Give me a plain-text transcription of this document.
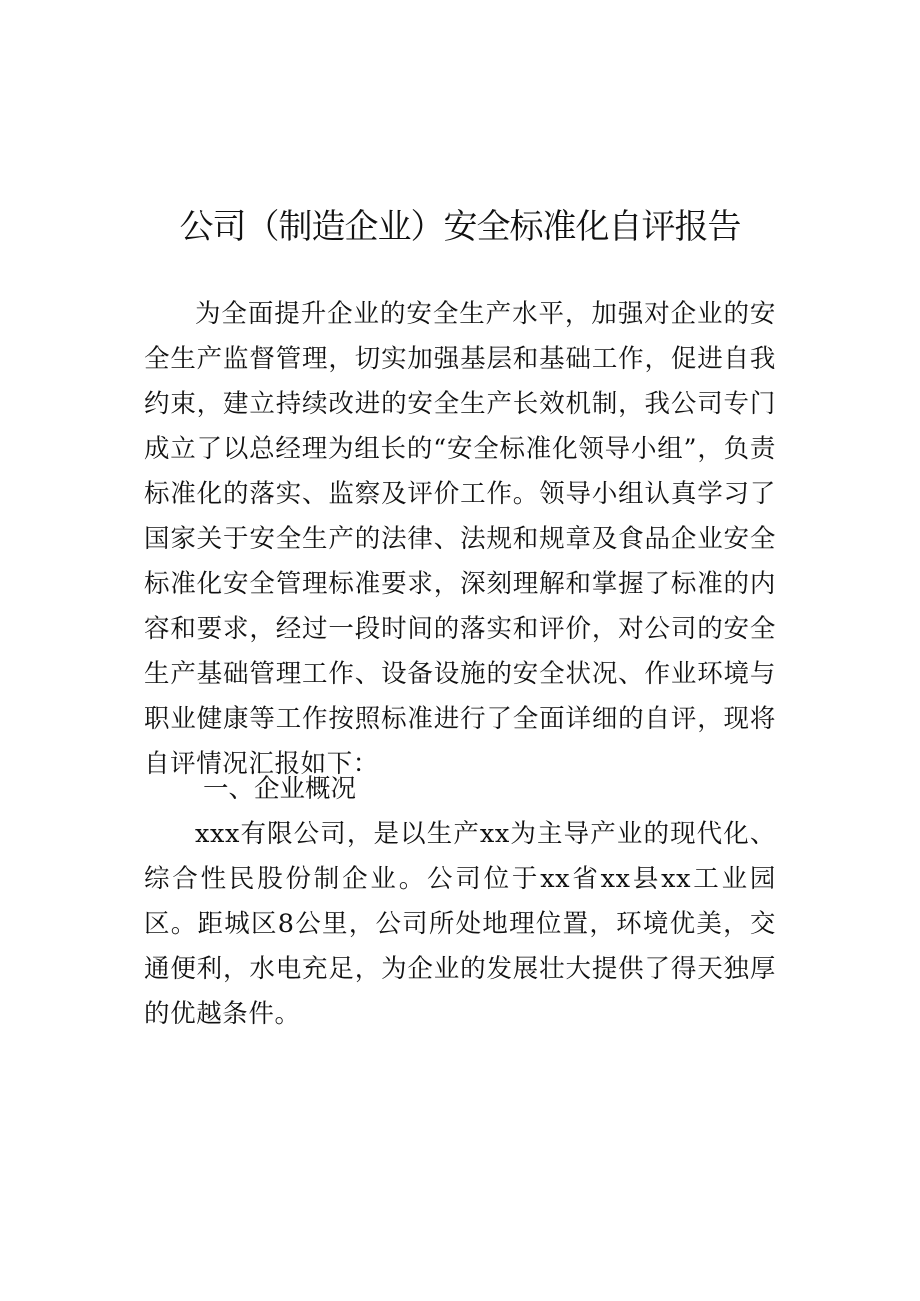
公司（制造企业）安全标准化自评报告

为全面提升企业的安全生产水平，加强对企业的安全生产监督管理，切实加强基层和基础工作，促进自我约束，建立持续改进的安全生产长效机制，我公司专门成立了以总经理为组长的“安全标准化领导小组”，负责标准化的落实、监察及评价工作。领导小组认真学习了国家关于安全生产的法律、法规和规章及食品企业安全标准化安全管理标准要求，深刻理解和掌握了标准的内容和要求，经过一段时间的落实和评价，对公司的安全生产基础管理工作、设备设施的安全状况、作业环境与职业健康等工作按照标准进行了全面详细的自评，现将自评情况汇报如下：

一、企业概况

xxx有限公司，是以生产xx为主导产业的现代化、综合性民股份制企业。公司位于xx省xx县xx工业园区。距城区8公里，公司所处地理位置，环境优美，交通便利，水电充足，为企业的发展壮大提供了得天独厚的优越条件。
